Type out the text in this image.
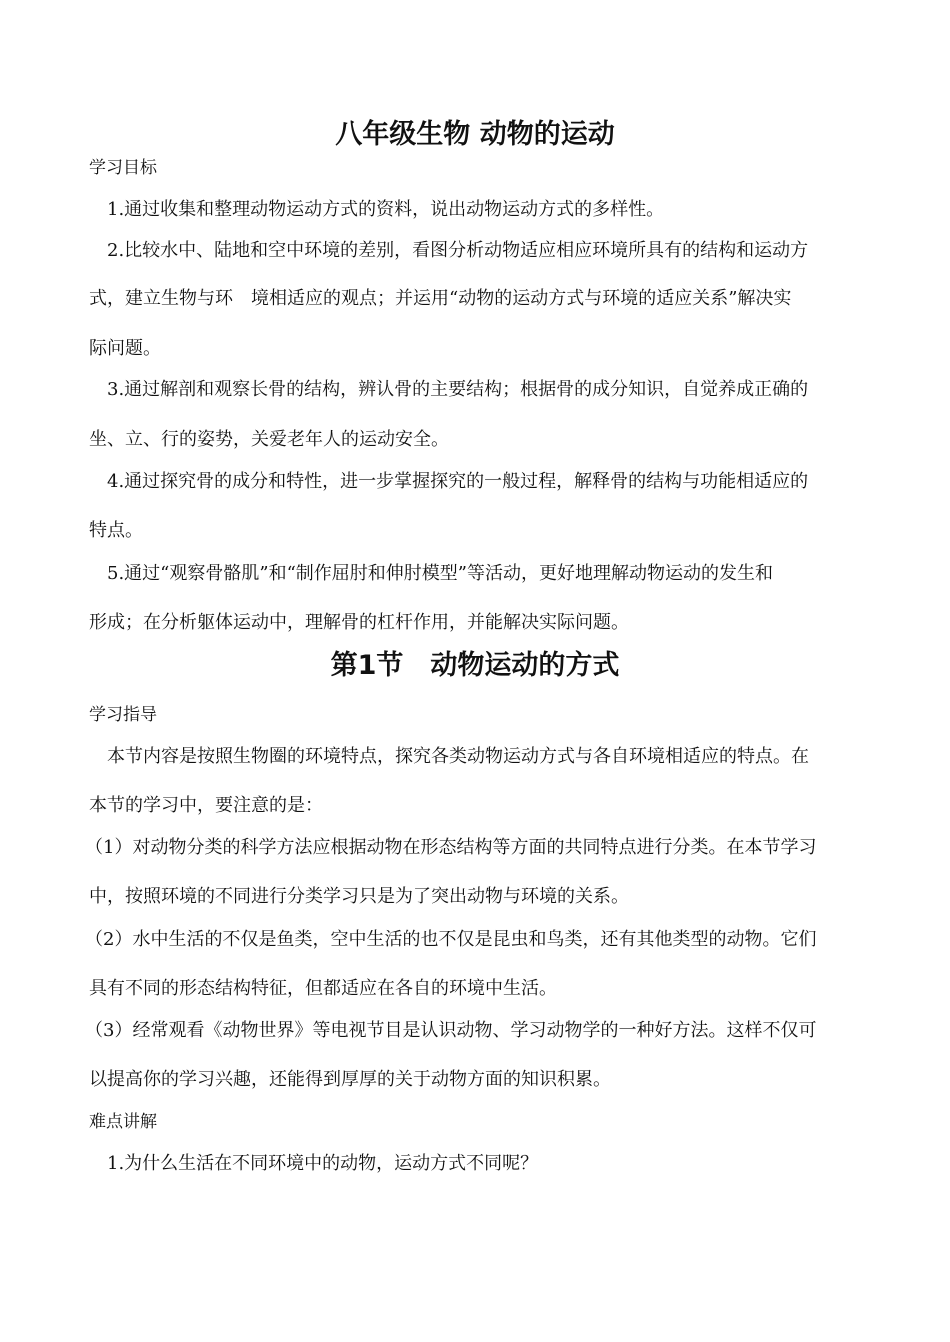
八年级生物 动物的运动
学习目标
1.通过收集和整理动物运动方式的资料，说出动物运动方式的多样性。
2.比较水中、陆地和空中环境的差别，看图分析动物适应相应环境所具有的结构和运动方
式，建立生物与环　境相适应的观点；并运用“动物的运动方式与环境的适应关系”解决实
际问题。
3.通过解剖和观察长骨的结构，辨认骨的主要结构；根据骨的成分知识，自觉养成正确的
坐、立、行的姿势，关爱老年人的运动安全。
4.通过探究骨的成分和特性，进一步掌握探究的一般过程，解释骨的结构与功能相适应的
特点。
5.通过“观察骨骼肌”和“制作屈肘和伸肘模型”等活动，更好地理解动物运动的发生和
形成；在分析躯体运动中，理解骨的杠杆作用，并能解决实际问题。
第1节　动物运动的方式
学习指导
本节内容是按照生物圈的环境特点，探究各类动物运动方式与各自环境相适应的特点。在
本节的学习中，要注意的是：
（1）对动物分类的科学方法应根据动物在形态结构等方面的共同特点进行分类。在本节学习
中，按照环境的不同进行分类学习只是为了突出动物与环境的关系。
（2）水中生活的不仅是鱼类，空中生活的也不仅是昆虫和鸟类，还有其他类型的动物。它们
具有不同的形态结构特征，但都适应在各自的环境中生活。
（3）经常观看《动物世界》等电视节目是认识动物、学习动物学的一种好方法。这样不仅可
以提高你的学习兴趣，还能得到厚厚的关于动物方面的知识积累。
难点讲解
1.为什么生活在不同环境中的动物，运动方式不同呢？
